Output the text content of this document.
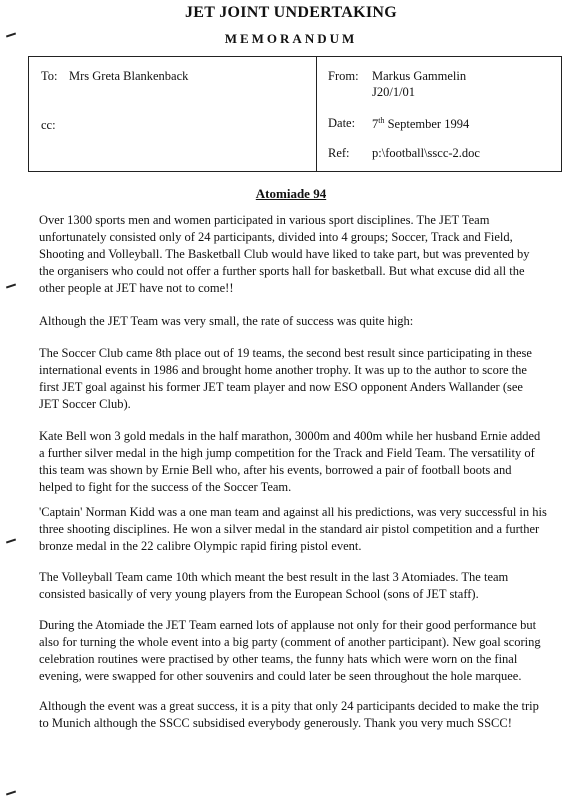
JET JOINT UNDERTAKING
MEMORANDUM
To: Mrs Greta Blankenback
cc:
From: Markus Gammelin
J20/1/01
Date: 7th September 1994
Ref: p:\football\sscc-2.doc
Atomiade 94
Over 1300 sports men and women participated in various sport disciplines. The JET Team
unfortunately consisted only of 24 participants, divided into 4 groups; Soccer, Track and Field,
Shooting and Volleyball. The Basketball Club would have liked to take part, but was prevented by
the organisers who could not offer a further sports hall for basketball. But what excuse did all the
other people at JET have not to come!!
Although the JET Team was very small, the rate of success was quite high:
The Soccer Club came 8th place out of 19 teams, the second best result since participating in these
international events in 1986 and brought home another trophy. It was up to the author to score the
first JET goal against his former JET team player and now ESO opponent Anders Wallander (see
JET Soccer Club).
Kate Bell won 3 gold medals in the half marathon, 3000m and 400m while her husband Ernie added
a further silver medal in the high jump competition for the Track and Field Team. The versatility of
this team was shown by Ernie Bell who, after his events, borrowed a pair of football boots and
helped to fight for the success of the Soccer Team.
'Captain' Norman Kidd was a one man team and against all his predictions, was very successful in his
three shooting disciplines. He won a silver medal in the standard air pistol competition and a further
bronze medal in the 22 calibre Olympic rapid firing pistol event.
The Volleyball Team came 10th which meant the best result in the last 3 Atomiades. The team
consisted basically of very young players from the European School (sons of JET staff).
During the Atomiade the JET Team earned lots of applause not only for their good performance but
also for turning the whole event into a big party (comment of another participant). New goal scoring
celebration routines were practised by other teams, the funny hats which were worn on the final
evening, were swapped for other souvenirs and could later be seen throughout the hole marquee.
Although the event was a great success, it is a pity that only 24 participants decided to make the trip
to Munich although the SSCC subsidised everybody generously. Thank you very much SSCC!
